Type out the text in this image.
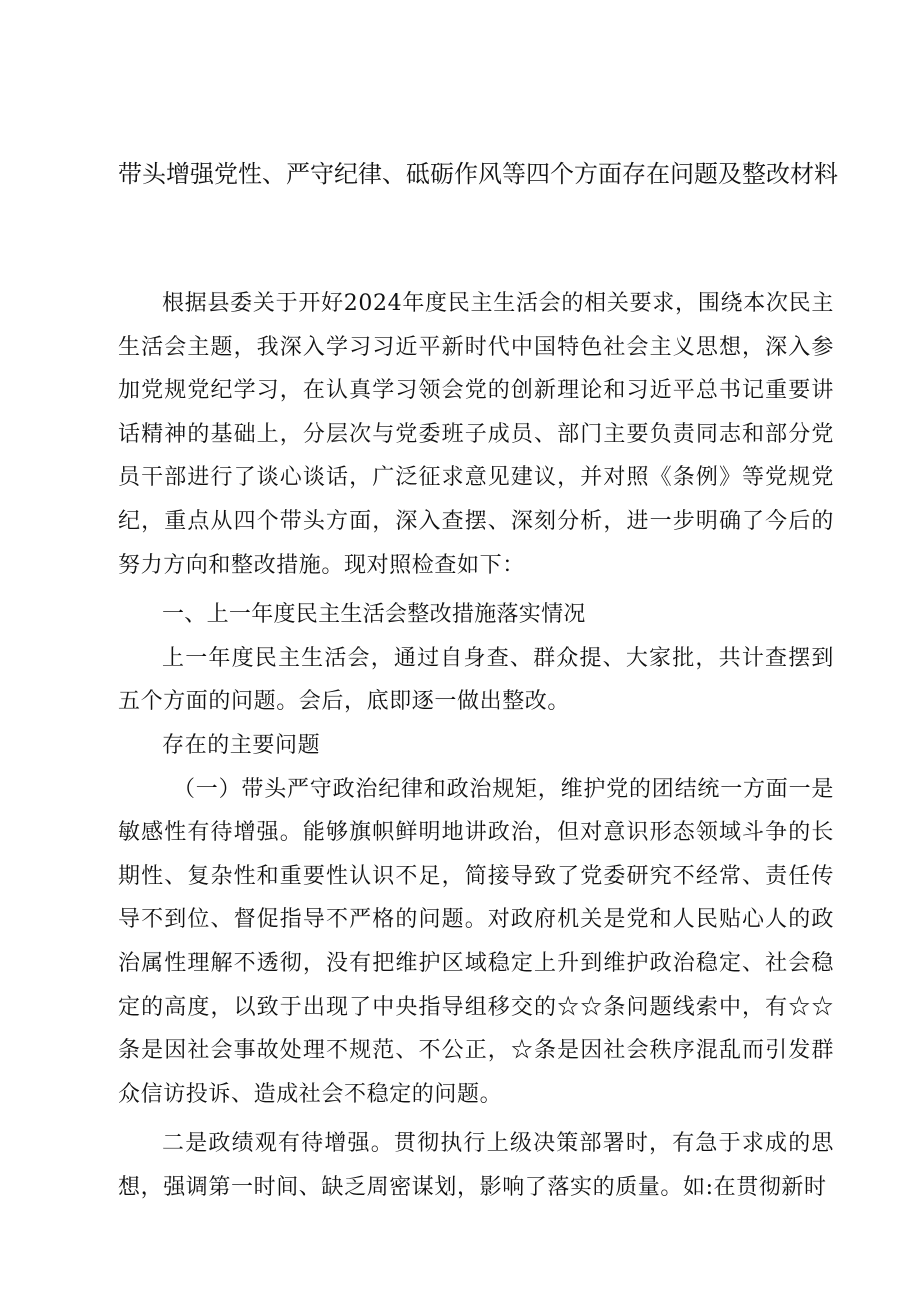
带头增强党性、严守纪律、砥砺作风等四个方面存在问题及整改材料

根据县委关于开好2024年度民主生活会的相关要求，围绕本次民主生活会主题，我深入学习习近平新时代中国特色社会主义思想，深入参加党规党纪学习，在认真学习领会党的创新理论和习近平总书记重要讲话精神的基础上，分层次与党委班子成员、部门主要负责同志和部分党员干部进行了谈心谈话，广泛征求意见建议，并对照《条例》等党规党纪，重点从四个带头方面，深入查摆、深刻分析，进一步明确了今后的努力方向和整改措施。现对照检查如下：

一、上一年度民主生活会整改措施落实情况

上一年度民主生活会，通过自身查、群众提、大家批，共计查摆到五个方面的问题。会后，底即逐一做出整改。

存在的主要问题

（一）带头严守政治纪律和政治规矩，维护党的团结统一方面一是敏感性有待增强。能够旗帜鲜明地讲政治，但对意识形态领域斗争的长期性、复杂性和重要性认识不足，简接导致了党委研究不经常、责任传导不到位、督促指导不严格的问题。对政府机关是党和人民贴心人的政治属性理解不透彻，没有把维护区域稳定上升到维护政治稳定、社会稳定的高度，以致于出现了中央指导组移交的☆☆条问题线索中，有☆☆条是因社会事故处理不规范、不公正，☆条是因社会秩序混乱而引发群众信访投诉、造成社会不稳定的问题。

二是政绩观有待增强。贯彻执行上级决策部署时，有急于求成的思想，强调第一时间、缺乏周密谋划，影响了落实的质量。如:在贯彻新时
